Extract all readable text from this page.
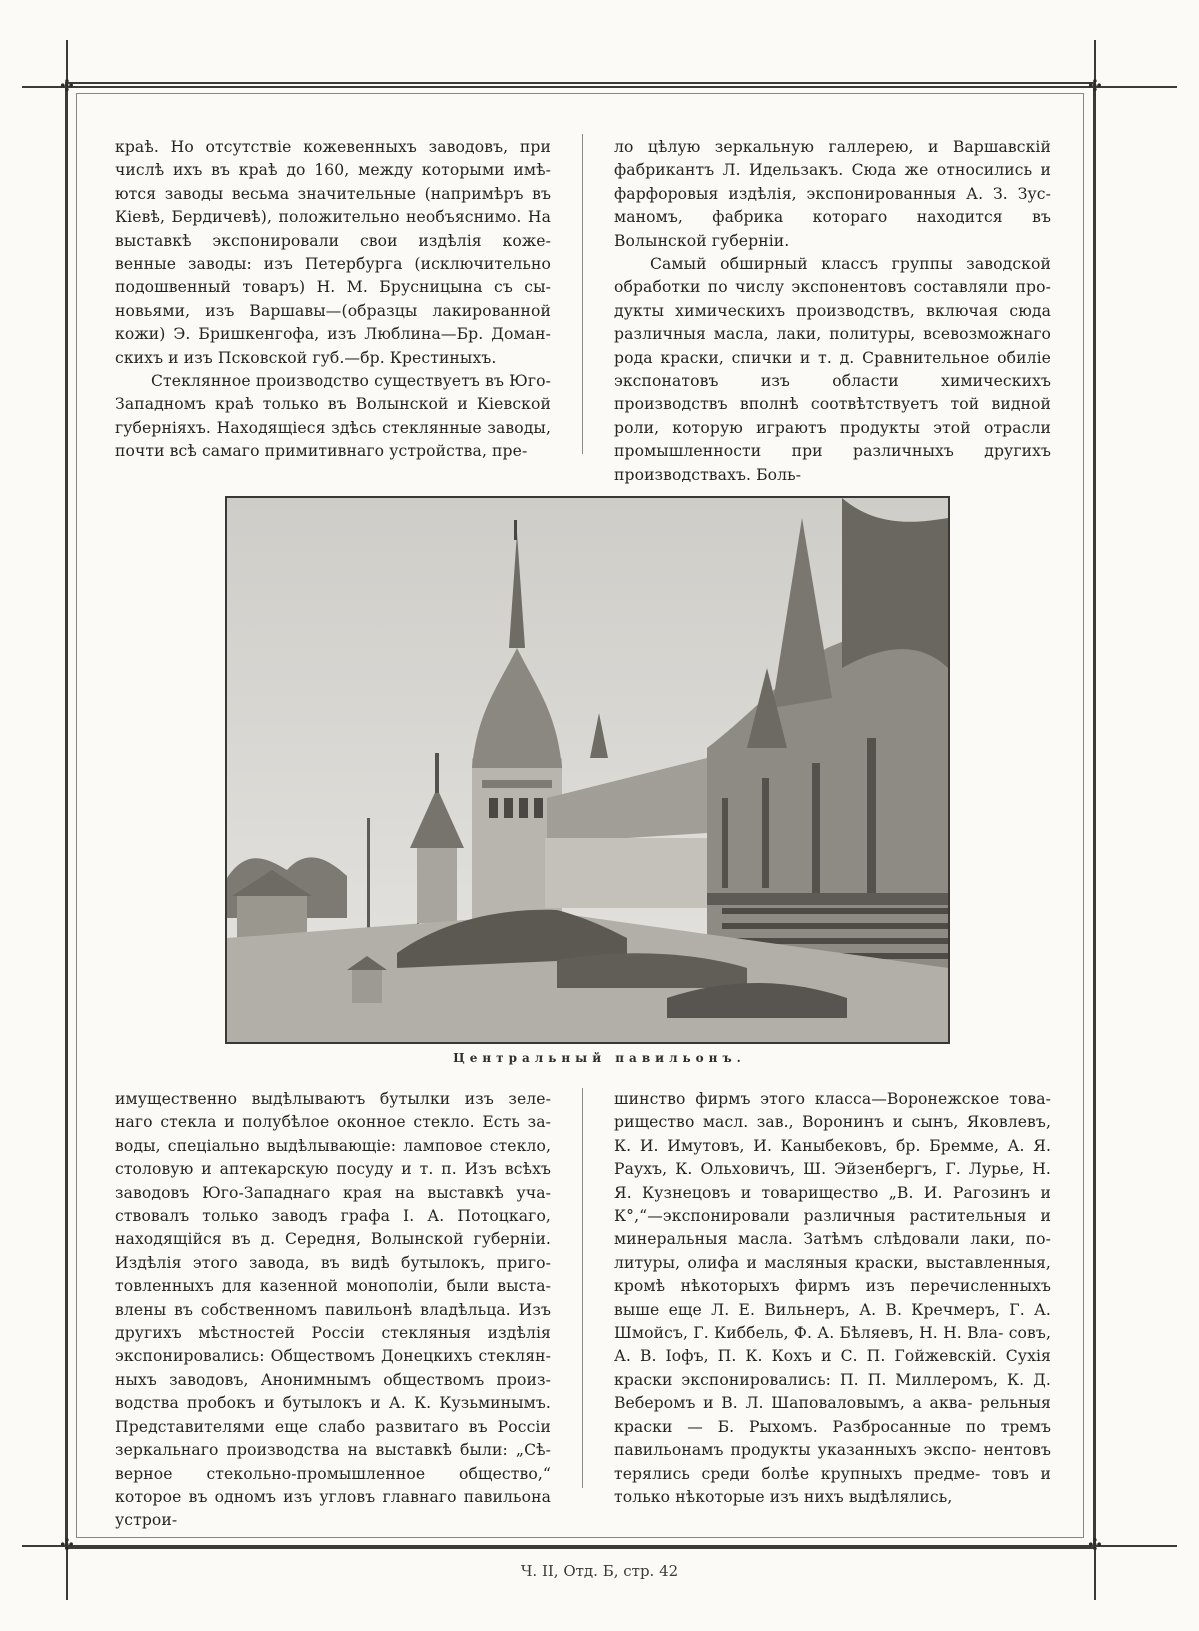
✣	✣
✣	✣

краѣ. Но отсутствіе кожевенныхъ заводовъ, при числѣ ихъ въ краѣ до 160, между которыми имѣ- ются заводы весьма значительные (напримѣръ въ Кіевѣ, Бердичевѣ), положительно необъяснимо. На выставкѣ экспонировали свои издѣлія коже- венные заводы: изъ Петербурга (исключительно подошвенный товаръ) Н. М. Брусницына съ сы- новьями, изъ Варшавы—(образцы лакированной кожи) Э. Бришкенгофа, изъ Люблина—Бр. Доман- скихъ и изъ Псковской губ.—бр. Крестиныхъ.

Стеклянное производство существуетъ въ Юго- Западномъ краѣ только въ Волынской и Кіевской губерніяхъ. Находящіеся здѣсь стеклянные заводы, почти всѣ самаго примитивнаго устройства, пре-

ло цѣлую зеркальную галлерею, и Варшавскій фабрикантъ Л. Идельзакъ. Сюда же относились и фарфоровыя издѣлія, экспонированныя А. З. Зус- маномъ, фабрика котораго находится въ Волынской губерніи.

Самый обширный классъ группы заводской обработки по числу экспонентовъ составляли про- дукты химическихъ производствъ, включая сюда различныя масла, лаки, политуры, всевозможнаго рода краски, спички и т. д. Сравнительное обиліе экспонатовъ изъ области химическихъ производствъ вполнѣ соотвѣтствуетъ той видной роли, которую играютъ продукты этой отрасли промышленности при различныхъ другихъ производствахъ. Боль-

Центральный павильонъ.

имущественно выдѣлываютъ бутылки изъ зеле- наго стекла и полубѣлое оконное стекло. Есть за- воды, спеціально выдѣлывающіе: ламповое стекло, столовую и аптекарскую посуду и т. п. Изъ всѣхъ заводовъ Юго-Западнаго края на выставкѣ уча- ствовалъ только заводъ графа I. А. Потоцкаго, находящійся въ д. Середня, Волынской губерніи. Издѣлія этого завода, въ видѣ бутылокъ, приго- товленныхъ для казенной монополіи, были выста- влены въ собственномъ павильонѣ владѣльца. Изъ другихъ мѣстностей Россіи стекляныя издѣлія экспонировались: Обществомъ Донецкихъ стеклян- ныхъ заводовъ, Анонимнымъ обществомъ произ- водства пробокъ и бутылокъ и А. К. Кузьминымъ. Представителями еще слабо развитаго въ Россіи зеркальнаго производства на выставкѣ были: „Сѣ- верное стекольно-промышленное общество,“ которое въ одномъ изъ угловъ главнаго павильона устрои-

шинство фирмъ этого класса—Воронежское това- рищество масл. зав., Воронинъ и сынъ, Яковлевъ, К. И. Имутовъ, И. Каныбековъ, бр. Бремме, А. Я. Раухъ, К. Ольховичъ, Ш. Эйзенбергъ, Г. Лурье, Н. Я. Кузнецовъ и товарищество „В. И. Рагозинъ и К°,“—экспонировали различныя растительныя и минеральныя масла. Затѣмъ слѣдовали лаки, по- литуры, олифа и масляныя краски, выставленныя, кромѣ нѣкоторыхъ фирмъ изъ перечисленныхъ выше еще Л. Е. Вильнеръ, А. В. Кречмеръ, Г. А. Шмойсъ, Г. Киббель, Ф. А. Бѣляевъ, Н. Н. Вла- совъ, А. В. Іофъ, П. К. Кохъ и С. П. Гойжевскій. Сухія краски экспонировались: П. П. Миллеромъ, К. Д. Веберомъ и В. Л. Шаповаловымъ, а аква- рельныя краски — Б. Рыхомъ. Разбросанные по тремъ павильонамъ продукты указанныхъ экспо- нентовъ терялись среди болѣе крупныхъ предме- товъ и только нѣкоторые изъ нихъ выдѣлялись,

Ч. II, Отд. Б, стр. 42
